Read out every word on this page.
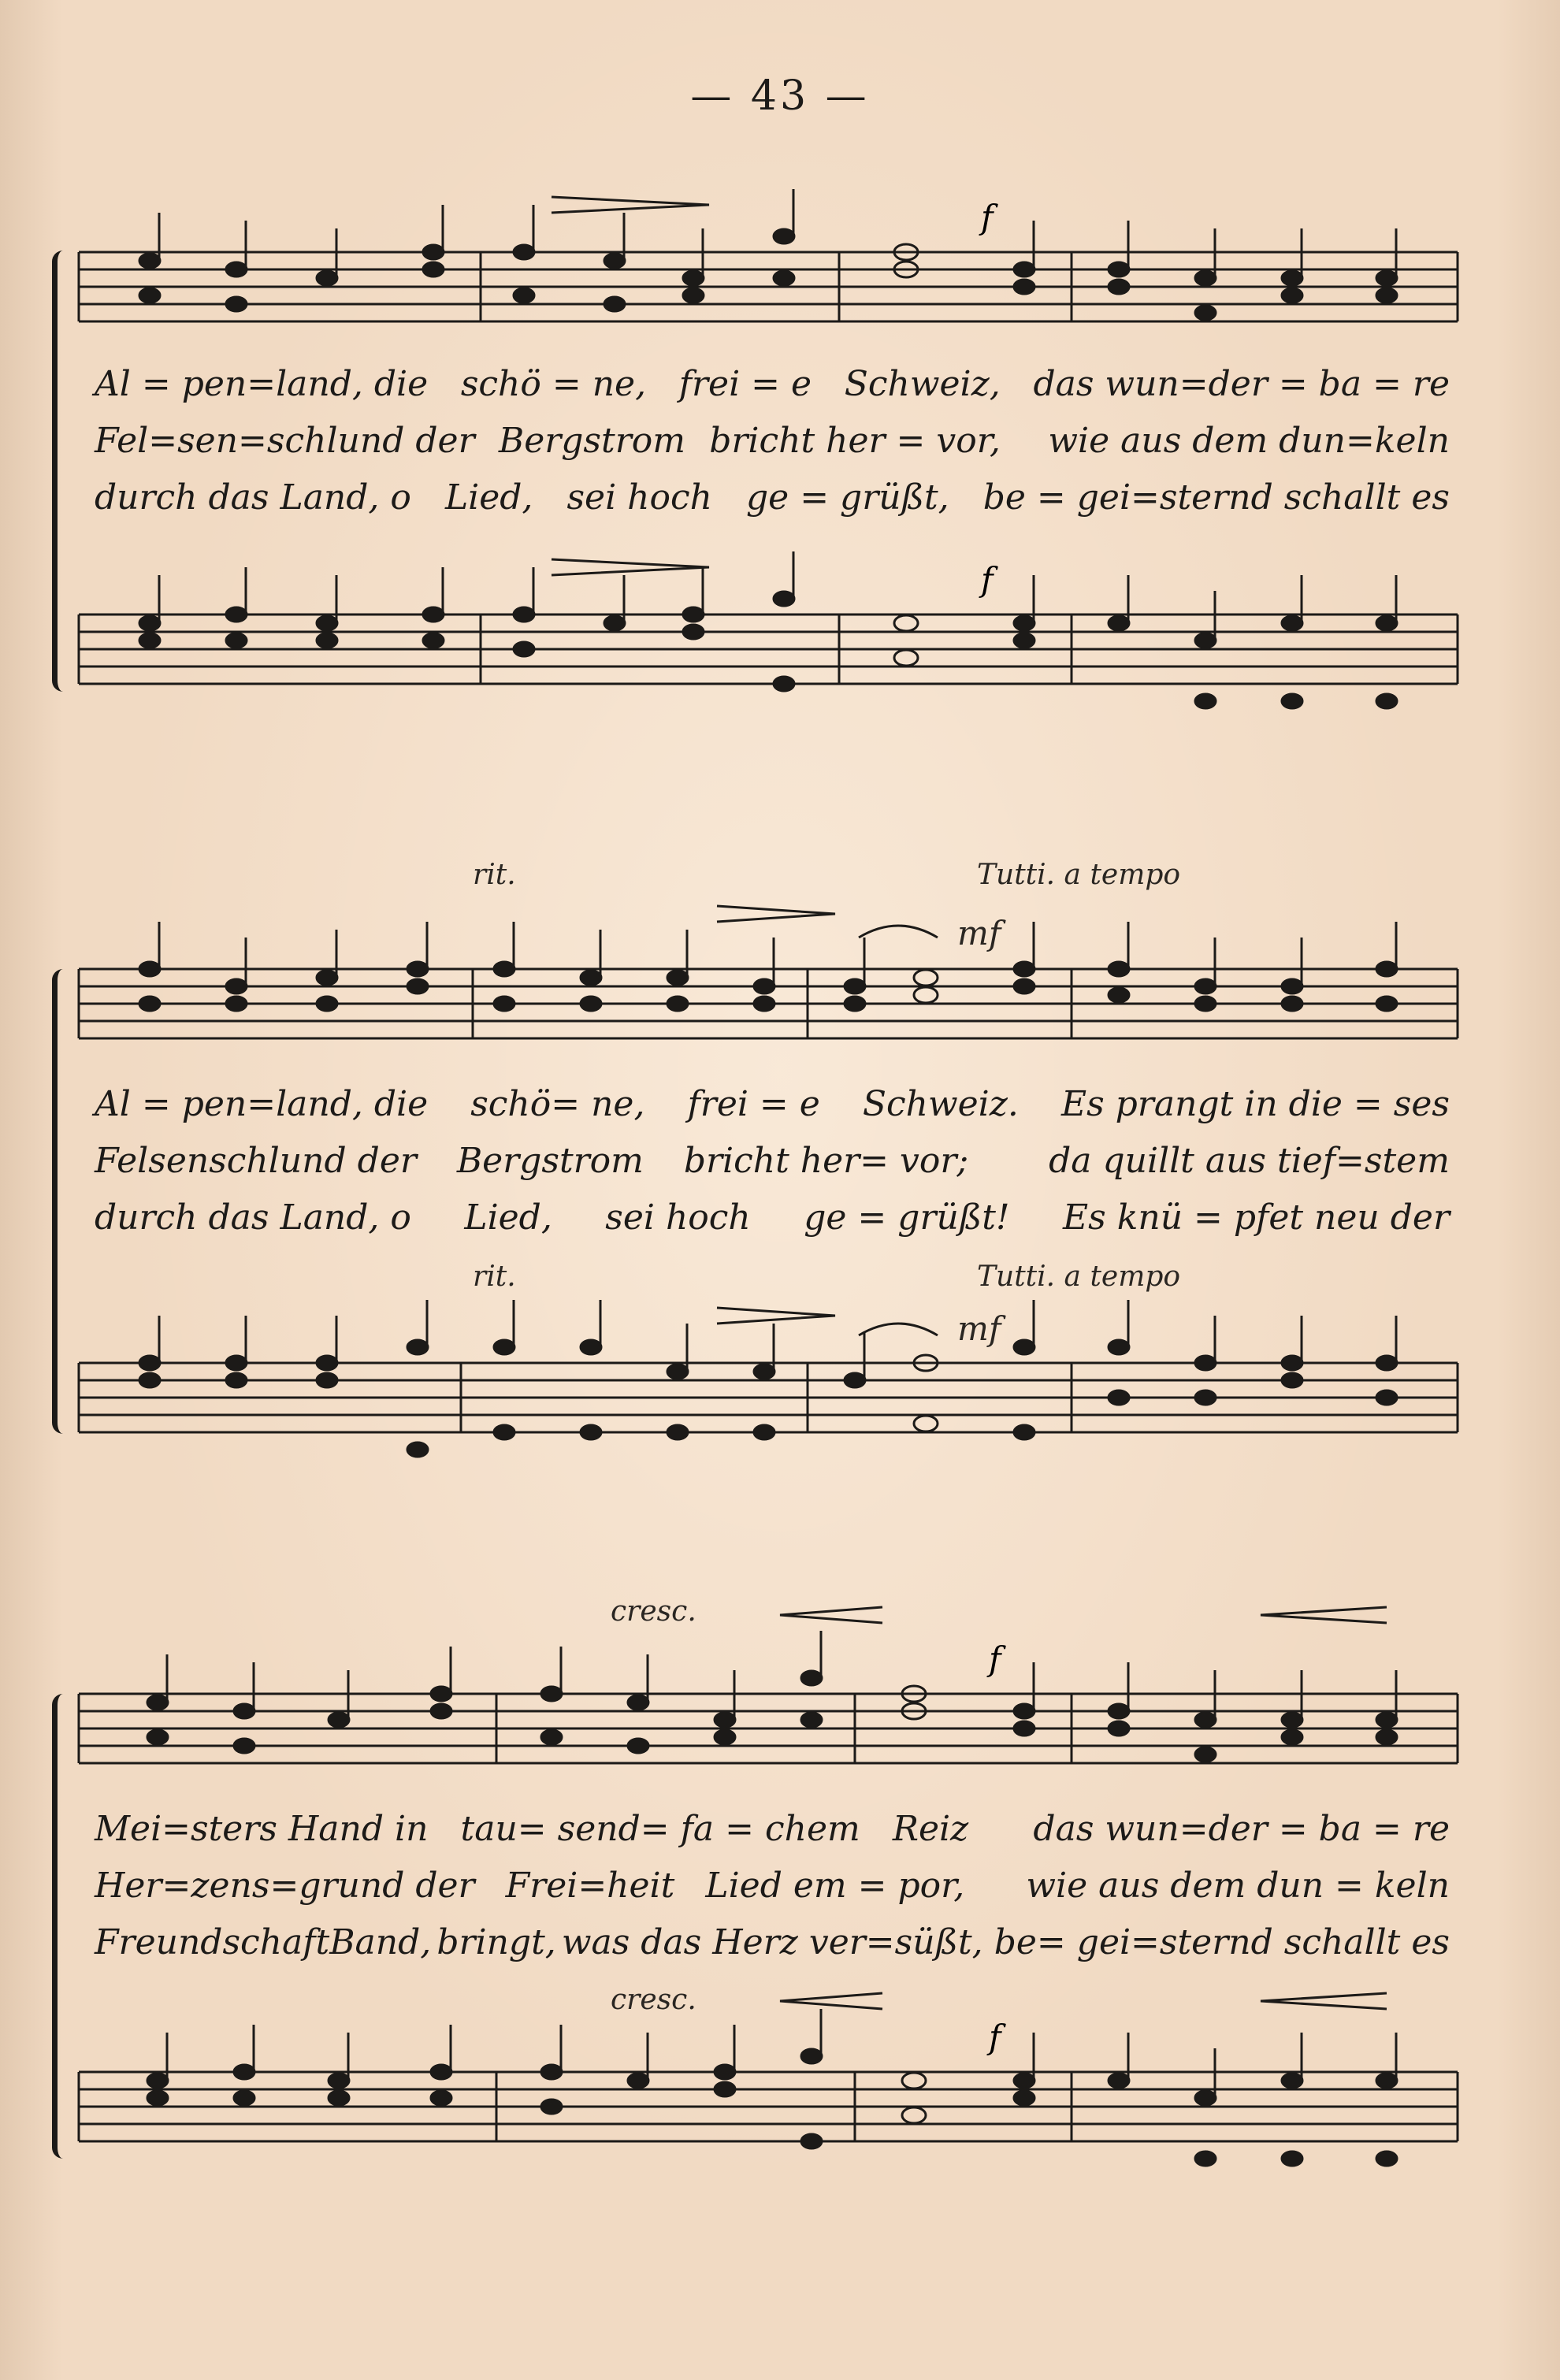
— 43 —
f
Al = pen=land, die schö = ne, frei = e Schweiz, das wun=der = ba = re
Fel=sen=schlund der Bergstrom bricht her = vor, wie aus dem dun=keln
durch das Land, o Lied, sei hoch ge = grüßt, be = gei=sternd schallt es
f
rit.	Tutti. a tempo
mf
Al = pen=land, die schö= ne, frei = e Schweiz. Es prangt in die = ses
Felsenschlund der Bergstrom bricht her= vor; da quillt aus tief=stem
durch das Land, o Lied, sei hoch ge = grüßt! Es knü = pfet neu der
rit.	Tutti. a tempo
mf
cresc.
f
Mei=sters Hand in tau= send= fa = chem Reiz das wun=der = ba = re
Her=zens=grund der Frei=heit Lied em = por, wie aus dem dun = keln
FreundschaftBand, bringt, was das Herz ver=süßt, be= gei=sternd schallt es
cresc.
f
